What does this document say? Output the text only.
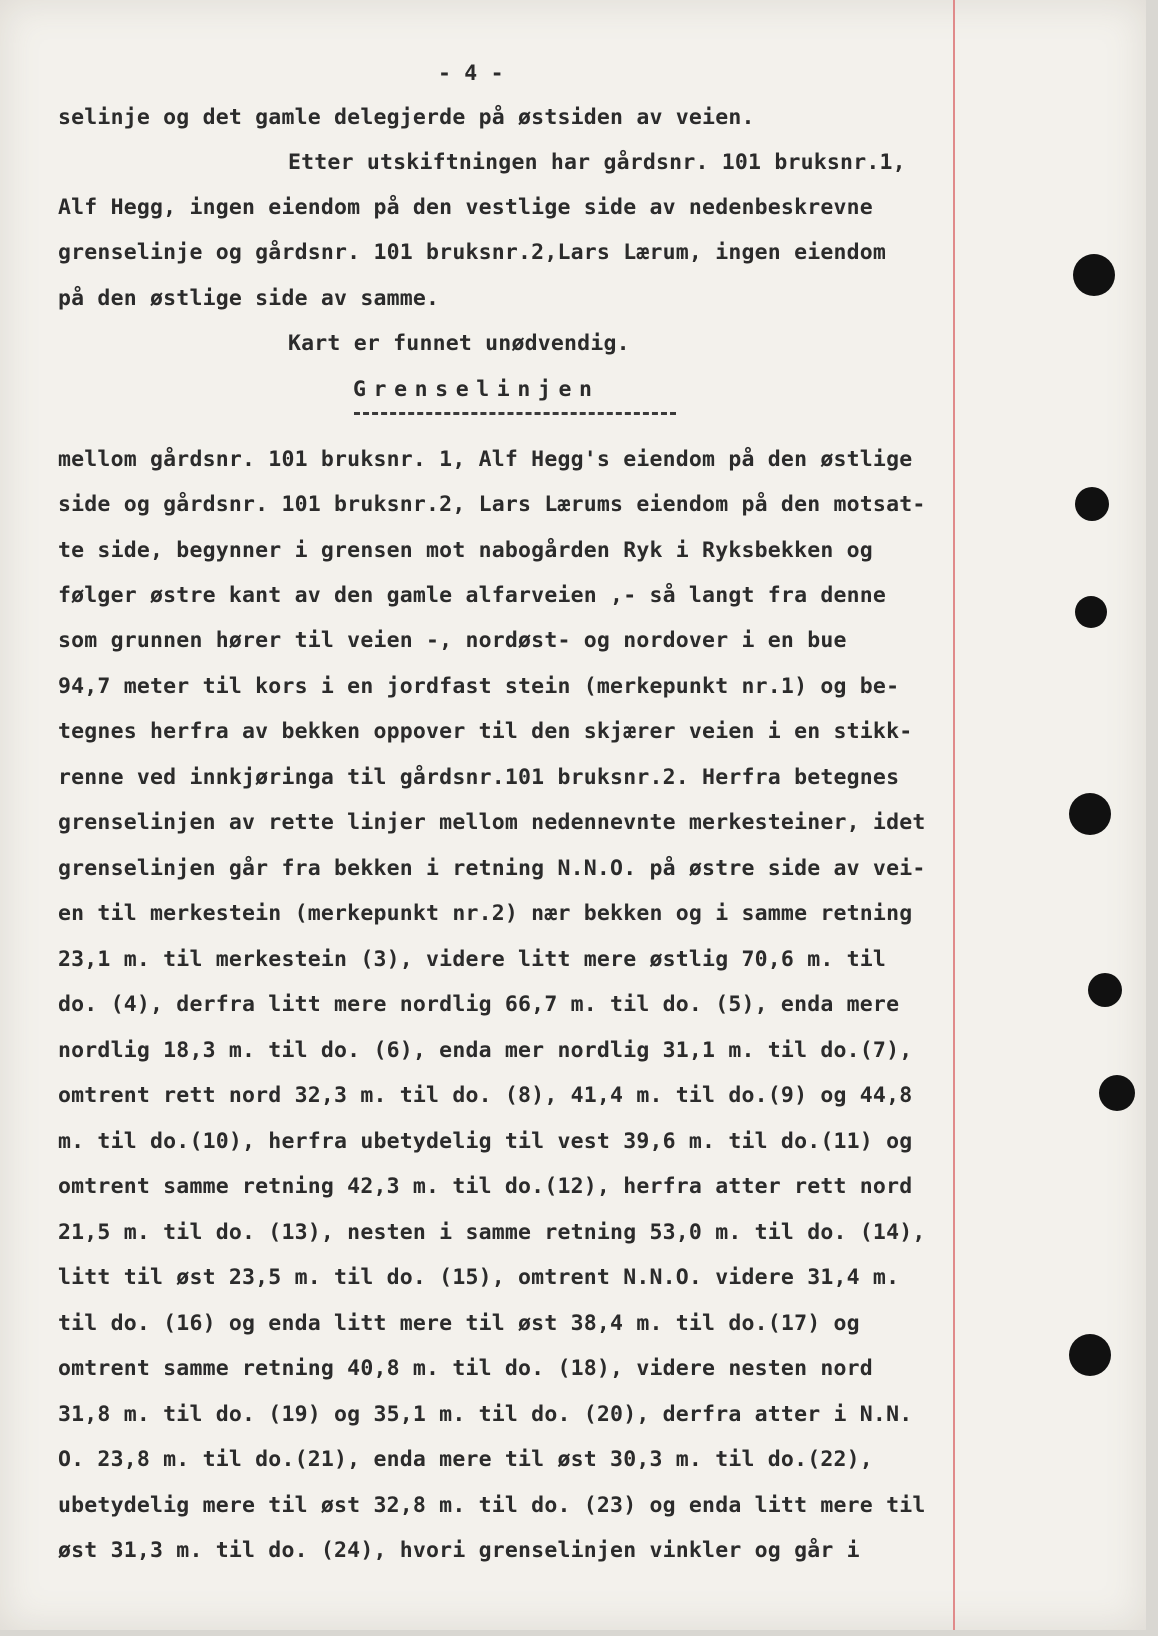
- 4 -
selinje og det gamle delegjerde på østsiden av veien.
Etter utskiftningen har gårdsnr. 101 bruksnr.1,
Alf Hegg, ingen eiendom på den vestlige side av nedenbeskrevne
grenselinje og gårdsnr. 101 bruksnr.2,Lars Lærum, ingen eiendom
på den østlige side av samme.
Kart er funnet unødvendig.
Grenselinjen
mellom gårdsnr. 101 bruksnr. 1, Alf Hegg's eiendom på den østlige
side og gårdsnr. 101 bruksnr.2, Lars Lærums eiendom på den motsat-
te side, begynner i grensen mot nabogården Ryk i Ryksbekken og
følger østre kant av den gamle alfarveien ,- så langt fra denne
som grunnen hører til veien -, nordøst- og nordover i en bue
94,7 meter til kors i en jordfast stein (merkepunkt nr.1) og be-
tegnes herfra av bekken oppover til den skjærer veien i en stikk-
renne ved innkjøringa til gårdsnr.101 bruksnr.2. Herfra betegnes
grenselinjen av rette linjer mellom nedennevnte merkesteiner, idet
grenselinjen går fra bekken i retning N.N.O. på østre side av vei-
en til merkestein (merkepunkt nr.2) nær bekken og i samme retning
23,1 m. til merkestein (3), videre litt mere østlig 70,6 m. til
do. (4), derfra litt mere nordlig 66,7 m. til do. (5), enda mere
nordlig 18,3 m. til do. (6), enda mer nordlig 31,1 m. til do.(7),
omtrent rett nord 32,3 m. til do. (8), 41,4 m. til do.(9) og 44,8
m. til do.(10), herfra ubetydelig til vest 39,6 m. til do.(11) og
omtrent samme retning 42,3 m. til do.(12), herfra atter rett nord
21,5 m. til do. (13), nesten i samme retning 53,0 m. til do. (14),
litt til øst 23,5 m. til do. (15), omtrent N.N.O. videre 31,4 m.
til do. (16) og enda litt mere til øst 38,4 m. til do.(17) og
omtrent samme retning 40,8 m. til do. (18), videre nesten nord
31,8 m. til do. (19) og 35,1 m. til do. (20), derfra atter i N.N.
O. 23,8 m. til do.(21), enda mere til øst 30,3 m. til do.(22),
ubetydelig mere til øst 32,8 m. til do. (23) og enda litt mere til
øst 31,3 m. til do. (24), hvori grenselinjen vinkler og går i
